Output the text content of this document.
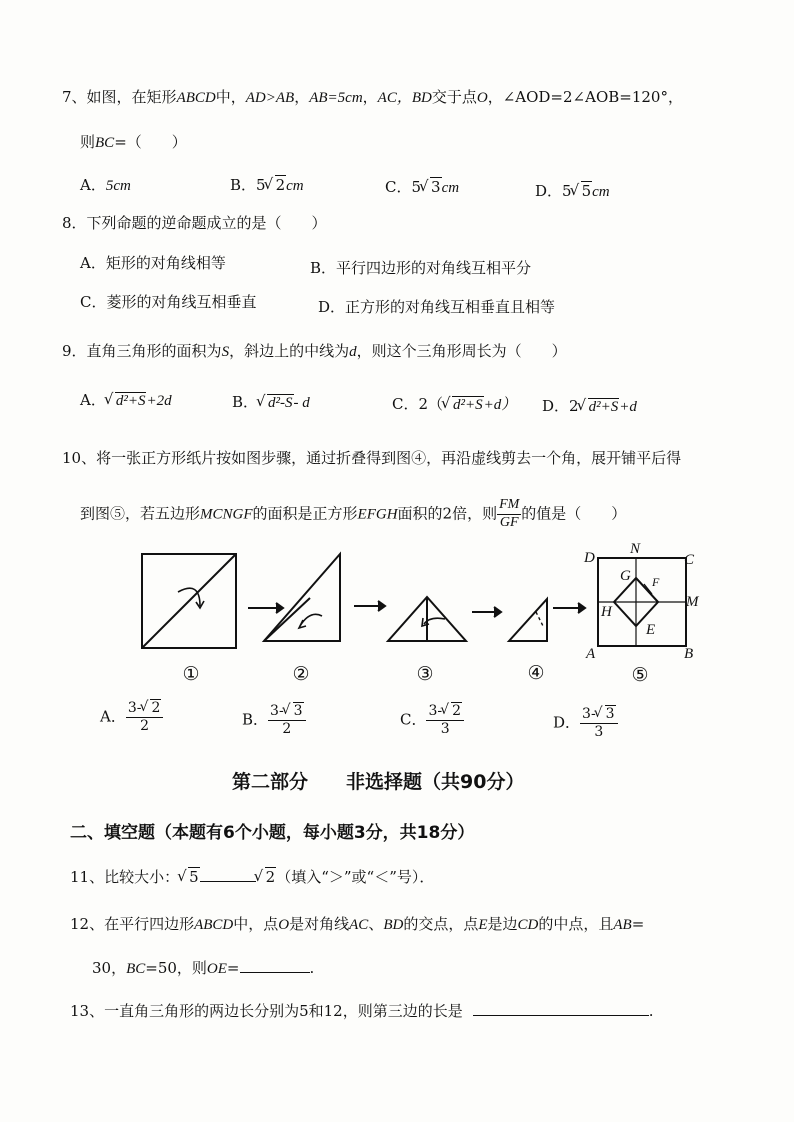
7、如图，在矩形ABCD中，AD>AB，AB=5cm，AC，BD交于点O，∠AOD=2∠AOB=120°，
则BC=（　　）
A．5cm	B．5 √ 2cm	C．5 √ 3cm	D．5 √ 5cm
8．下列命题的逆命题成立的是（　　）
A．矩形的对角线相等	B．平行四边形的对角线互相平分
C．菱形的对角线互相垂直	D．正方形的对角线互相垂直且相等
9．直角三角形的面积为S，斜边上的中线为d，则这个三角形周长为（　　）
A． √ d²+S+2d	B． √ d²-S- d	C．2（ √ d²+S+d） D．2 √ d²+S+d
10、将一张正方形纸片按如图步骤，通过折叠得到图④，再沿虚线剪去一个角，展开铺平后得
到图⑤，若五边形MCNGF的面积是正方形EFGH面积的2倍，则 $\frac{FM}{GF}$ 的值是（　　）
D
N
C
G F
H
M
E
A	B
①	②	③	④	⑤
A． $\frac{3- √ 2}{2}$	B． $\frac{3- √ 3}{2}$	C． $\frac{3- √ 2}{3}$	D． $\frac{3- √ 3}{3}$
第二部分　　非选择题（共90分）
二、填空题（本题有6个小题，每小题3分，共18分）
11、比较大小： √ 5	√ 2（填入“＞”或“＜”号）．
12、在平行四边形ABCD中，点O是对角线AC、BD的交点，点E是边CD的中点，且AB=
30，BC=50，则OE=	.
13、一直角三角形的两边长分别为5和12，则第三边的长是	.
